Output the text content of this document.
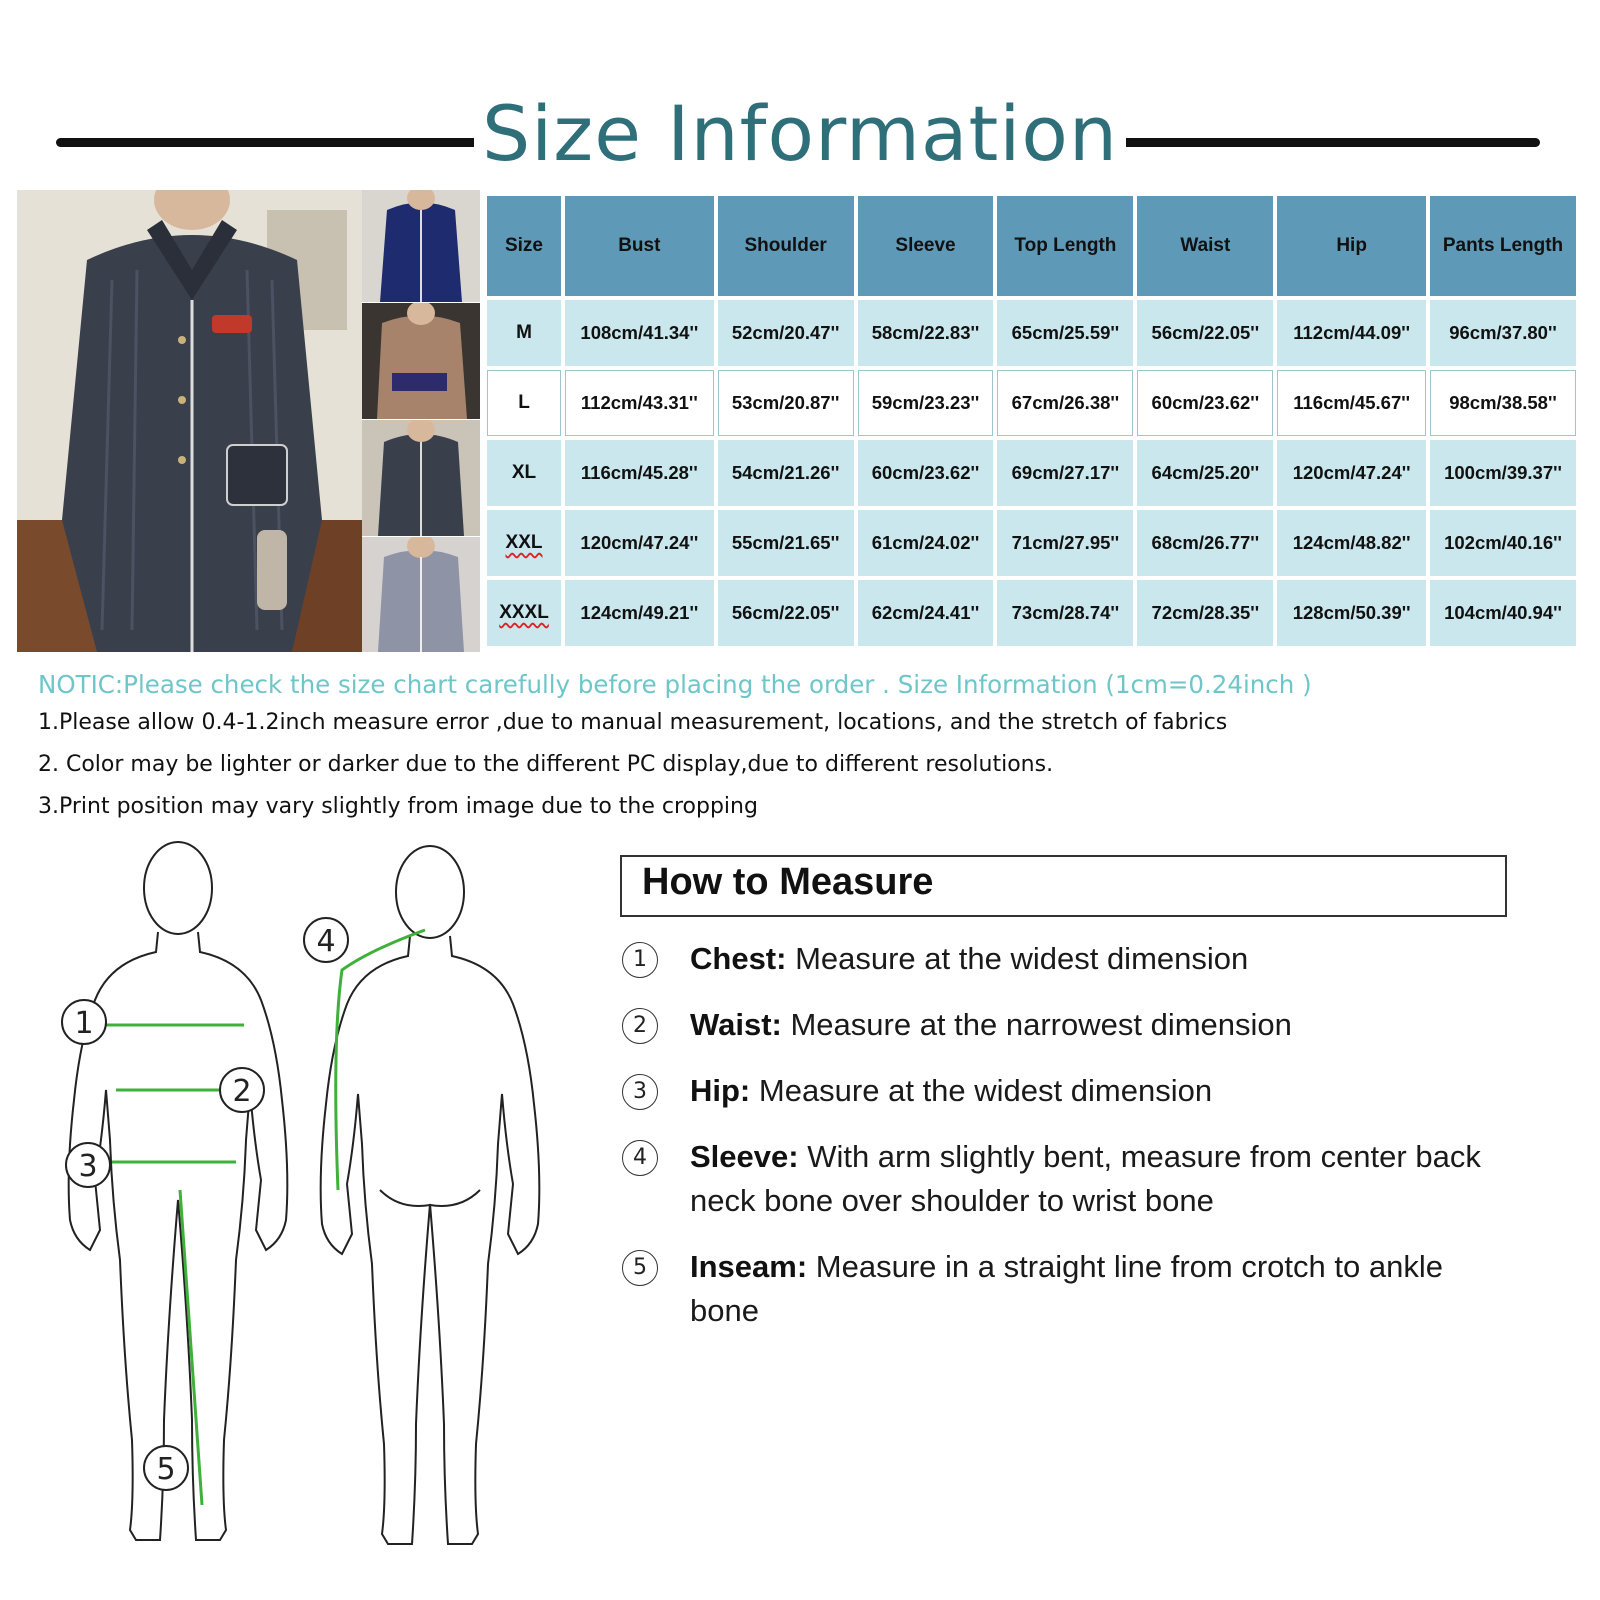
Size Information
Size	Bust	Shoulder	Sleeve	Top Length	Waist	Hip	Pants Length
M	108cm/41.34''	52cm/20.47''	58cm/22.83''	65cm/25.59''	56cm/22.05''	112cm/44.09''	96cm/37.80''
L	112cm/43.31''	53cm/20.87''	59cm/23.23''	67cm/26.38''	60cm/23.62''	116cm/45.67''	98cm/38.58''
XL	116cm/45.28''	54cm/21.26''	60cm/23.62''	69cm/27.17''	64cm/25.20''	120cm/47.24''	100cm/39.37''
XXL	120cm/47.24''	55cm/21.65''	61cm/24.02''	71cm/27.95''	68cm/26.77''	124cm/48.82''	102cm/40.16''
XXXL	124cm/49.21''	56cm/22.05''	62cm/24.41''	73cm/28.74''	72cm/28.35''	128cm/50.39''	104cm/40.94''
NOTIC:Please check the size chart carefully before placing the order . Size Information (1cm=0.24inch )
1.Please allow 0.4-1.2inch measure error ,due to manual measurement, locations, and the stretch of fabrics
2. Color may be lighter or darker due to the different PC display,due to different resolutions.
3.Print position may vary slightly from image due to the cropping
1
2
3
4
5
How to Measure
1	Chest: Measure at the widest dimension
2	Waist: Measure at the narrowest dimension
3	Hip: Measure at the widest dimension
4	Sleeve: With arm slightly bent, measure from center back neck bone over shoulder to wrist bone
5	Inseam: Measure in a straight line from crotch to ankle bone
